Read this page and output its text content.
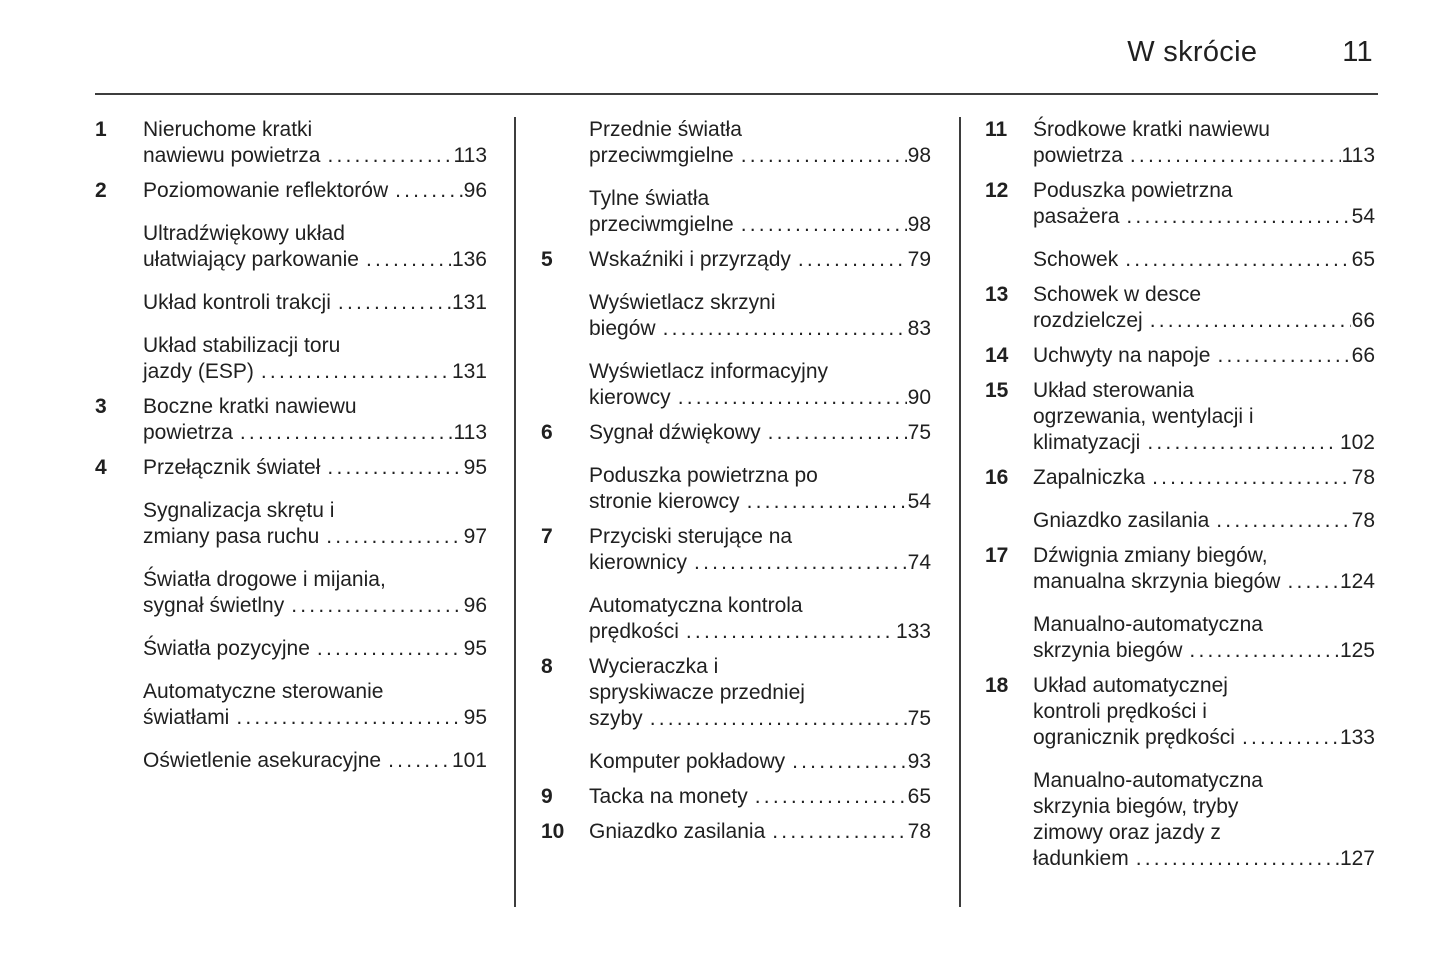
W skrócie	11
1	Nieruchome kratki
nawiewu powietrza .....	113
2	Poziomowanie reflektorów .....	96
Ultradźwiękowy układ
ułatwiający parkowanie .....	136
Układ kontroli trakcji .....	131
Układ stabilizacji toru
jazdy (ESP) .....	131
3	Boczne kratki nawiewu
powietrza .....	113
4	Przełącznik świateł .....	95
Sygnalizacja skrętu i
zmiany pasa ruchu .....	97
Światła drogowe i mijania,
sygnał świetlny .....	96
Światła pozycyjne .....	95
Automatyczne sterowanie
światłami .....	95
Oświetlenie asekuracyjne .....	101
Przednie światła
przeciwmgielne .....	98
Tylne światła
przeciwmgielne .....	98
5	Wskaźniki i przyrządy .....	79
Wyświetlacz skrzyni
biegów .....	83
Wyświetlacz informacyjny
kierowcy .....	90
6	Sygnał dźwiękowy .....	75
Poduszka powietrzna po
stronie kierowcy .....	54
7	Przyciski sterujące na
kierownicy .....	74
Automatyczna kontrola
prędkości .....	133
8	Wycieraczka i
spryskiwacze przedniej
szyby .....	75
Komputer pokładowy .....	93
9	Tacka na monety .....	65
10	Gniazdko zasilania .....	78
11	Środkowe kratki nawiewu
powietrza .....	113
12	Poduszka powietrzna
pasażera .....	54
Schowek .....	65
13	Schowek w desce
rozdzielczej .....	66
14	Uchwyty na napoje .....	66
15	Układ sterowania
ogrzewania, wentylacji i
klimatyzacji .....	102
16	Zapalniczka .....	78
Gniazdko zasilania .....	78
17	Dźwignia zmiany biegów,
manualna skrzynia biegów .....	124
Manualno-automatyczna
skrzynia biegów .....	125
18	Układ automatycznej
kontroli prędkości i
ogranicznik prędkości .....	133
Manualno-automatyczna
skrzynia biegów, tryby
zimowy oraz jazdy z
ładunkiem .....	127
